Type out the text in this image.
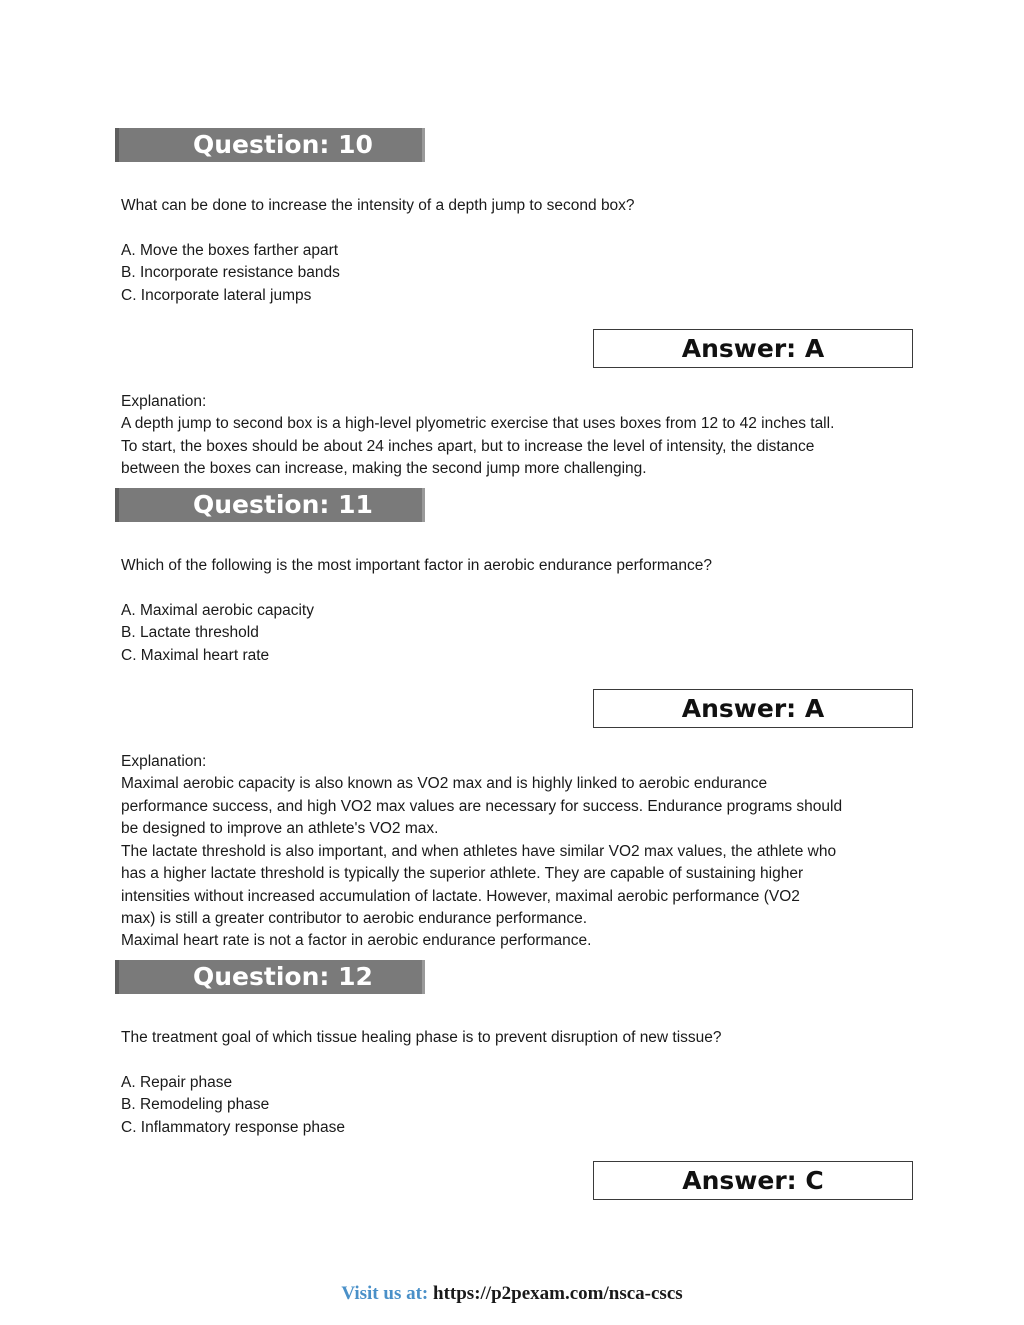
Question: 10
What can be done to increase the intensity of a depth jump to second box?
A. Move the boxes farther apart
B. Incorporate resistance bands
C. Incorporate lateral jumps
Answer: A
Explanation:
A depth jump to second box is a high-level plyometric exercise that uses boxes from 12 to 42 inches tall.
To start, the boxes should be about 24 inches apart, but to increase the level of intensity, the distance
between the boxes can increase, making the second jump more challenging.
Question: 11
Which of the following is the most important factor in aerobic endurance performance?
A. Maximal aerobic capacity
B. Lactate threshold
C. Maximal heart rate
Answer: A
Explanation:
Maximal aerobic capacity is also known as VO2 max and is highly linked to aerobic endurance
performance success, and high VO2 max values are necessary for success. Endurance programs should
be designed to improve an athlete's VO2 max.
The lactate threshold is also important, and when athletes have similar VO2 max values, the athlete who
has a higher lactate threshold is typically the superior athlete. They are capable of sustaining higher
intensities without increased accumulation of lactate. However, maximal aerobic performance (VO2
max) is still a greater contributor to aerobic endurance performance.
Maximal heart rate is not a factor in aerobic endurance performance.
Question: 12
The treatment goal of which tissue healing phase is to prevent disruption of new tissue?
A. Repair phase
B. Remodeling phase
C. Inflammatory response phase
Answer: C
Visit us at: https://p2pexam.com/nsca-cscs
